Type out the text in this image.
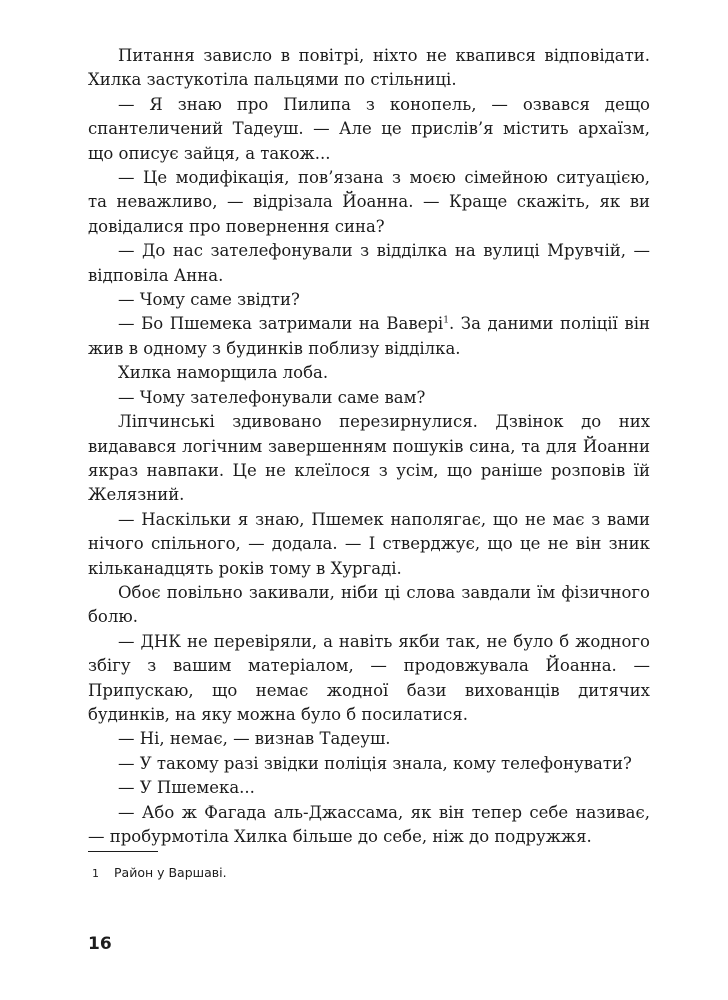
Питання зависло в повітрі, ніхто не квапився відповідати. Хилка застукотіла пальцями по стільниці.

— Я знаю про Пилипа з конопель, — озвався дещо спантеличений Тадеуш. — Але це прислів’я містить архаїзм, що описує зайця, а також...

— Це модифікація, пов’язана з моєю сімейною ситуацією, та неважливо, — відрізала Йоанна. — Краще скажіть, як ви довідалися про повернення сина?

— До нас зателефонували з відділка на вулиці Мрувчій, — відповіла Анна.

— Чому саме звідти?

— Бо Пшемека затримали на Вавері$^1$. За даними поліції він жив в одному з будинків поблизу відділка.

Хилка наморщила лоба.

— Чому зателефонували саме вам?

Ліпчинські здивовано перезирнулися. Дзвінок до них видавався логічним завершенням пошуків сина, та для Йоанни якраз навпаки. Це не клеїлося з усім, що раніше розповів їй Желязний.

— Наскільки я знаю, Пшемек наполягає, що не має з вами нічого спільного, — додала. — І стверджує, що це не він зник кільканадцять років тому в Хургаді.

Обоє повільно закивали, ніби ці слова завдали їм фізичного болю.

— ДНК не перевіряли, а навіть якби так, не було б жодного збігу з вашим матеріалом, — продовжувала Йоанна. — Припускаю, що немає жодної бази вихованців дитячих будинків, на яку можна було б посилатися.

— Ні, немає, — визнав Тадеуш.

— У такому разі звідки поліція знала, кому телефонувати?

— У Пшемека...

— Або ж Фагада аль-Джассама, як він тепер себе називає, — пробурмотіла Хилка більше до себе, ніж до подружжя.

1 Район у Варшаві.
16
